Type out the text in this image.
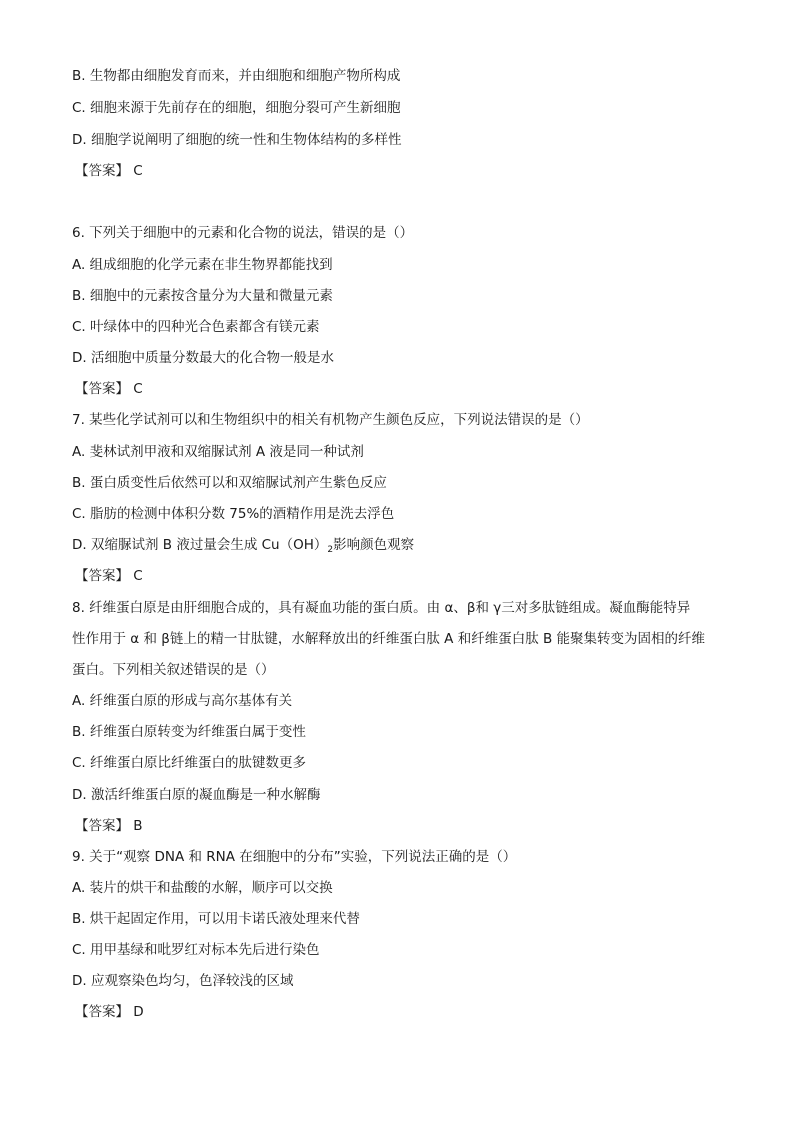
B. 生物都由细胞发育而来，并由细胞和细胞产物所构成
C. 细胞来源于先前存在的细胞，细胞分裂可产生新细胞
D. 细胞学说阐明了细胞的统一性和生物体结构的多样性
【答案】 C
6. 下列关于细胞中的元素和化合物的说法，错误的是（）
A. 组成细胞的化学元素在非生物界都能找到
B. 细胞中的元素按含量分为大量和微量元素
C. 叶绿体中的四种光合色素都含有镁元素
D. 活细胞中质量分数最大的化合物一般是水
【答案】 C
7. 某些化学试剂可以和生物组织中的相关有机物产生颜色反应，下列说法错误的是（）
A. 斐林试剂甲液和双缩脲试剂 A 液是同一种试剂
B. 蛋白质变性后依然可以和双缩脲试剂产生紫色反应
C. 脂肪的检测中体积分数 75%的酒精作用是洗去浮色
D. 双缩脲试剂 B 液过量会生成 $Cu(OH)_2$影响颜色观察
【答案】 C
8. 纤维蛋白原是由肝细胞合成的，具有凝血功能的蛋白质。由 α、β和 γ三对多肽链组成。凝血酶能特异
性作用于 α 和 β链上的精一甘肽键，水解释放出的纤维蛋白肽 A 和纤维蛋白肽 B 能聚集转变为固相的纤维
蛋白。下列相关叙述错误的是（）
A. 纤维蛋白原的形成与高尔基体有关
B. 纤维蛋白原转变为纤维蛋白属于变性
C. 纤维蛋白原比纤维蛋白的肽键数更多
D. 激活纤维蛋白原的凝血酶是一种水解酶
【答案】 B
9. 关于“观察 DNA 和 RNA 在细胞中的分布”实验，下列说法正确的是（）
A. 装片的烘干和盐酸的水解，顺序可以交换
B. 烘干起固定作用，可以用卡诺氏液处理来代替
C. 用甲基绿和吡罗红对标本先后进行染色
D. 应观察染色均匀，色泽较浅的区域
【答案】 D
